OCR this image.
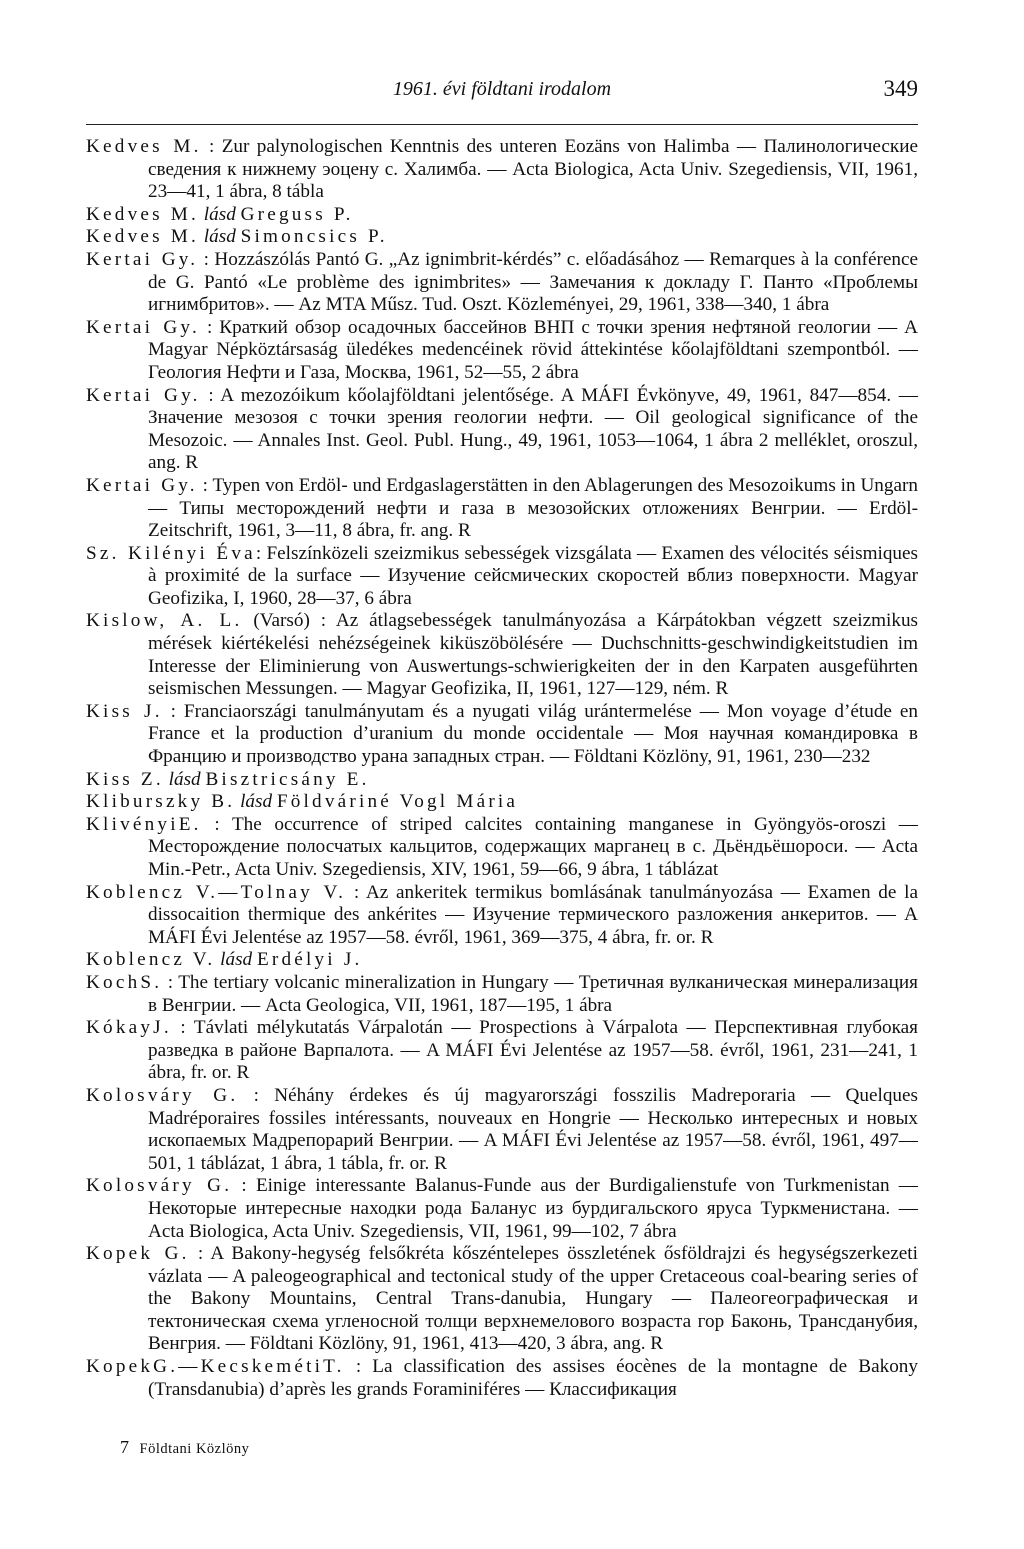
1961. évi földtani irodalom	349
Kedves M. : Zur palynologischen Kenntnis des unteren Eozäns von Halimba — Палинологические сведения к нижнему эоцену с. Халимба. — Acta Biologica, Acta Univ. Szegediensis, VII, 1961, 23—41, 1 ábra, 8 tábla
Kedves M. lásd Greguss P.
Kedves M. lásd Simoncsics P.
Kertai Gy. : Hozzászólás Pantó G. „Az ignimbrit-kérdés” c. előadásához — Remarques à la conférence de G. Pantó «Le problème des ignimbrites» — Замечания к докладу Г. Панто «Проблемы игнимбритов». — Az MTA Műsz. Tud. Oszt. Közleményei, 29, 1961, 338—340, 1 ábra
Kertai Gy. : Краткий обзор осадочных бассейнов ВНП с точки зрения нефтяной геологии — A Magyar Népköztársaság üledékes medencéinek rövid áttekintése kőolajföldtani szempontból. — Геология Нефти и Газа, Москва, 1961, 52—55, 2 ábra
Kertai Gy. : A mezozóikum kőolajföldtani jelentősége. A MÁFI Évkönyve, 49, 1961, 847—854. — Значение мезозоя с точки зрения геологии нефти. — Oil geological significance of the Mesozoic. — Annales Inst. Geol. Publ. Hung., 49, 1961, 1053—1064, 1 ábra 2 melléklet, oroszul, ang. R
Kertai Gy. : Typen von Erdöl- und Erdgaslagerstätten in den Ablagerungen des Mesozoikums in Ungarn — Типы месторождений нефти и газа в мезозойских отложениях Венгрии. — Erdöl-Zeitschrift, 1961, 3—11, 8 ábra, fr. ang. R
Sz. Kilényi Éva: Felszínközeli szeizmikus sebességek vizsgálata — Examen des vélocités séismiques à proximité de la surface — Изучение сейсмических скоростей вблиз поверхности. Magyar Geofizika, I, 1960, 28—37, 6 ábra
Kislow, A. L. (Varsó) : Az átlagsebességek tanulmányozása a Kárpátokban végzett szeizmikus mérések kiértékelési nehézségeinek kiküszöbölésére — Duchschnitts-geschwindigkeitstudien im Interesse der Eliminierung von Auswertungs-schwierigkeiten der in den Karpaten ausgeführten seismischen Messungen. — Magyar Geofizika, II, 1961, 127—129, ném. R
Kiss J. : Franciaországi tanulmányutam és a nyugati világ urántermelése — Mon voyage d’étude en France et la production d’uranium du monde occidentale — Моя научная командировка в Францию и производство урана западных стран. — Földtani Közlöny, 91, 1961, 230—232
Kiss Z. lásd Bisztricsány E.
Kliburszky B. lásd Földváriné Vogl Mária
KlivényiE. : The occurrence of striped calcites containing manganese in Gyöngyös-oroszi — Месторождение полосчатых кальцитов, содержащих марганец в с. Дьëндьëшороси. — Acta Min.-Petr., Acta Univ. Szegediensis, XIV, 1961, 59—66, 9 ábra, 1 táblázat
Koblencz V.—Tolnay V. : Az ankeritek termikus bomlásának tanulmányozása — Examen de la dissocaition thermique des ankérites — Изучение термического разложения анкеритов. — A MÁFI Évi Jelentése az 1957—58. évről, 1961, 369—375, 4 ábra, fr. or. R
Koblencz V. lásd Erdélyi J.
KochS. : The tertiary volcanic mineralization in Hungary — Третичная вулканическая минерализация в Венгрии. — Acta Geologica, VII, 1961, 187—195, 1 ábra
KókayJ. : Távlati mélykutatás Várpalotán — Prospections à Várpalota — Перспективная глубокая разведка в районе Варпалота. — A MÁFI Évi Jelentése az 1957—58. évről, 1961, 231—241, 1 ábra, fr. or. R
Kolosváry G. : Néhány érdekes és új magyarországi fosszilis Madreporaria — Quelques Madréporaires fossiles intéressants, nouveaux en Hongrie — Несколько интересных и новых ископаемых Мадрепорарий Венгрии. — A MÁFI Évi Jelentése az 1957—58. évről, 1961, 497—501, 1 táblázat, 1 ábra, 1 tábla, fr. or. R
Kolosváry G. : Einige interessante Balanus-Funde aus der Burdigalienstufe von Turkmenistan — Некоторые интересные находки рода Баланус из бурдигальского яруса Туркменистана. — Acta Biologica, Acta Univ. Szegediensis, VII, 1961, 99—102, 7 ábra
Kopek G. : A Bakony-hegység felsőkréta kőszéntelepes összletének ősföldrajzi és hegységszerkezeti vázlata — A paleogeographical and tectonical study of the upper Cretaceous coal-bearing series of the Bakony Mountains, Central Trans-danubia, Hungary — Палеогеографическая и тектоническая схема угленосной толщи верхнемелового возраста гор Баконь, Трансданубия, Венгрия. — Földtani Közlöny, 91, 1961, 413—420, 3 ábra, ang. R
KopekG.—KecskemétiT. : La classification des assises éocènes de la montagne de Bakony (Transdanubia) d’après les grands Foraminiféres — Классификация
7 Földtani Közlöny
